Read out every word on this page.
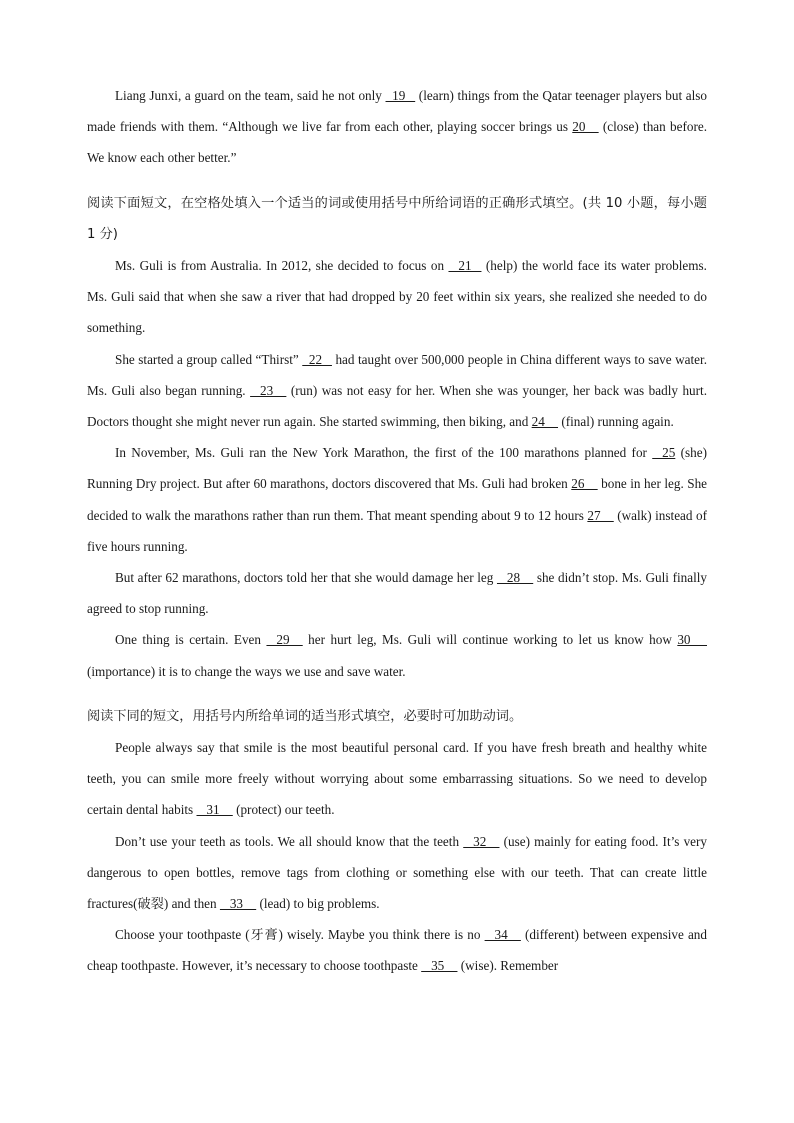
Liang Junxi, a guard on the team, said he not only   19    (learn) things from the Qatar teenager players but also made friends with them. “Although we live far from each other, playing soccer brings us 20     (close) than before. We know each other better.”

阅读下面短文，在空格处填入一个适当的词或使用括号中所给词语的正确形式填空。(共 10 小题，每小题 1 分)

Ms. Guli is from Australia. In 2012, she decided to focus on    21    (help) the world face its water problems. Ms. Guli said that when she saw a river that had dropped by 20 feet within six years, she realized she needed to do something.

She started a group called “Thirst”   22    had taught over 500,000 people in China different ways to save water. Ms. Guli also began running.    23     (run) was not easy for her. When she was younger, her back was badly hurt. Doctors thought she might never run again. She started swimming, then biking, and 24     (final) running again.

In November, Ms. Guli ran the New York Marathon, the first of the 100 marathons planned for    25 (she) Running Dry project. But after 60 marathons, doctors discovered that Ms. Guli had broken 26     bone in her leg. She decided to walk the marathons rather than run them. That meant spending about 9 to 12 hours 27     (walk) instead of five hours running.

But after 62 marathons, doctors told her that she would damage her leg    28     she didn’t stop. Ms. Guli finally agreed to stop running.

One thing is certain. Even    29     her hurt leg, Ms. Guli will continue working to let us know how 30      (importance) it is to change the ways we use and save water.

阅读下同的短文，用括号内所给单词的适当形式填空，必要时可加助动词。

People always say that smile is the most beautiful personal card. If you have fresh breath and healthy white teeth, you can smile more freely without worrying about some embarrassing situations. So we need to develop certain dental habits    31     (protect) our teeth.

Don’t use your teeth as tools. We all should know that the teeth    32     (use) mainly for eating food. It’s very dangerous to open bottles, remove tags from clothing or something else with our teeth. That can create little fractures(破裂) and then    33     (lead) to big problems.

Choose your toothpaste (牙膏) wisely. Maybe you think there is no    34     (different) between expensive and cheap toothpaste. However, it’s necessary to choose toothpaste    35     (wise). Remember
